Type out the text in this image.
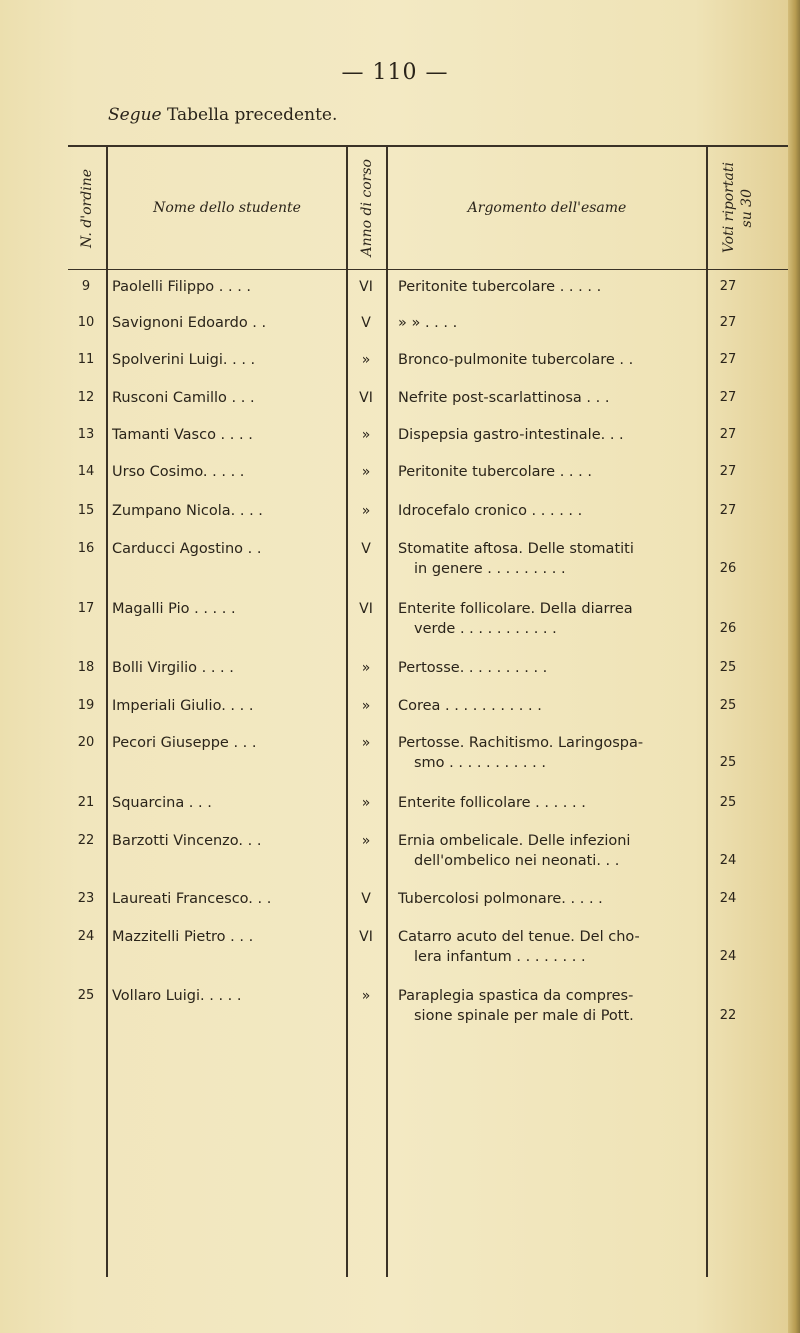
— 110 —
Segue Tabella precedente.
N. d'ordine	Nome dello studente	Anno di corso	Argomento dell'esame	Voti riportati su 30
9	Paolelli Filippo . . . .	VI	Peritonite tubercolare . . . . .	27
10	Savignoni Edoardo . .	V	» » . . . .	27
11	Spolverini Luigi. . . .	»	Bronco-pulmonite tubercolare . .	27
12	Rusconi Camillo . . .	VI	Nefrite post-scarlattinosa . . .	27
13	Tamanti Vasco . . . .	»	Dispepsia gastro-intestinale. . .	27
14	Urso Cosimo. . . . .	»	Peritonite tubercolare . . . .	27
15	Zumpano Nicola. . . .	»	Idrocefalo cronico . . . . . .	27
16	Carducci Agostino . .	V	Stomatite aftosa. Delle stomatiti
in genere . . . . . . . . .	26
17	Magalli Pio . . . . .	VI	Enterite follicolare. Della diarrea
verde . . . . . . . . . . .	26
18	Bolli Virgilio . . . .	»	Pertosse. . . . . . . . . .	25
19	Imperiali Giulio. . . .	»	Corea . . . . . . . . . . .	25
20	Pecori Giuseppe . . .	»	Pertosse. Rachitismo. Laringospa-
smo . . . . . . . . . . .	25
21	Squarcina . . .	»	Enterite follicolare . . . . . .	25
22	Barzotti Vincenzo. . .	»	Ernia ombelicale. Delle infezioni
dell'ombelico nei neonati. . .	24
23	Laureati Francesco. . .	V	Tubercolosi polmonare. . . . .	24
24	Mazzitelli Pietro . . .	VI	Catarro acuto del tenue. Del cho-
lera infantum . . . . . . . .	24
25	Vollaro Luigi. . . . .	»	Paraplegia spastica da compres-
sione spinale per male di Pott.	22
